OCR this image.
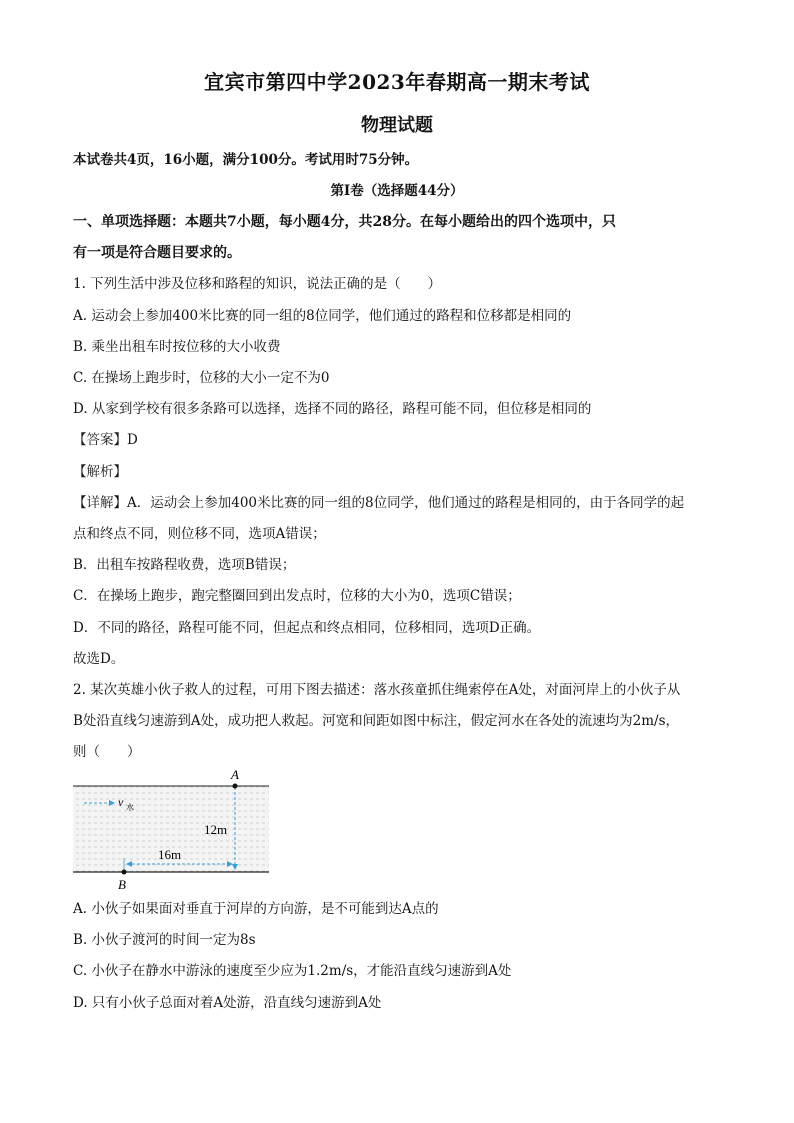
宜宾市第四中学2023年春期高一期末考试
物理试题
本试卷共4页，16小题，满分100分。考试用时75分钟。
第I卷（选择题44分）
一、单项选择题：本题共7小题，每小题4分，共28分。在每小题给出的四个选项中，只
有一项是符合题目要求的。
1. 下列生活中涉及位移和路程的知识，说法正确的是（　　）
A. 运动会上参加400米比赛的同一组的8位同学，他们通过的路程和位移都是相同的
B. 乘坐出租车时按位移的大小收费
C. 在操场上跑步时，位移的大小一定不为0
D. 从家到学校有很多条路可以选择，选择不同的路径，路程可能不同，但位移是相同的
【答案】D
【解析】
【详解】A．运动会上参加400米比赛的同一组的8位同学，他们通过的路程是相同的，由于各同学的起
点和终点不同，则位移不同，选项A错误；
B．出租车按路程收费，选项B错误；
C．在操场上跑步，跑完整圈回到出发点时，位移的大小为0，选项C错误；
D．不同的路径，路程可能不同，但起点和终点相同，位移相同，选项D正确。
故选D。
2. 某次英雄小伙子救人的过程，可用下图去描述：落水孩童抓住绳索停在A处，对面河岸上的小伙子从
B处沿直线匀速游到A处，成功把人救起。河宽和间距如图中标注，假定河水在各处的流速均为2m/s，
则（　　）
v 水
A
B
12m
16m
A. 小伙子如果面对垂直于河岸的方向游，是不可能到达A点的
B. 小伙子渡河的时间一定为8s
C. 小伙子在静水中游泳的速度至少应为1.2m/s，才能沿直线匀速游到A处
D. 只有小伙子总面对着A处游，沿直线匀速游到A处
